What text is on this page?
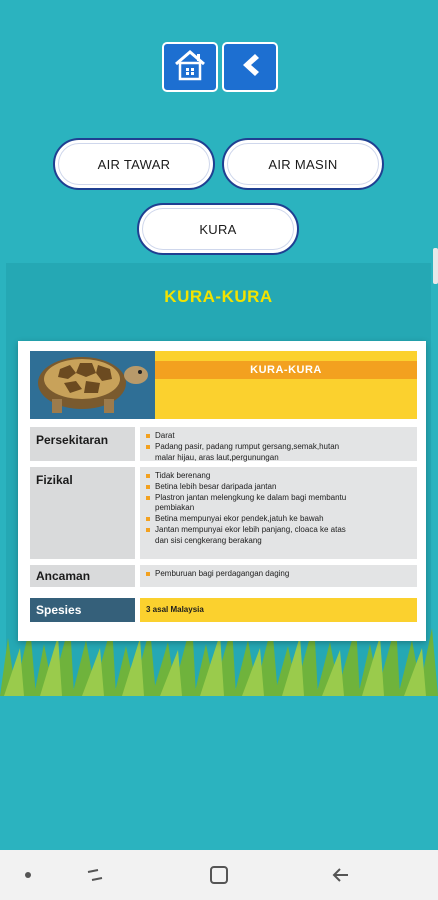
AIR TAWAR	AIR MASIN
KURA
KURA-KURA
KURA-KURA
Persekitaran	Darat
Padang pasir, padang rumput gersang,semak,hutan
malar hijau, aras laut,pergunungan
Fizikal	Tidak berenang
Betina lebih besar daripada jantan
Plastron jantan melengkung ke dalam bagi membantu
pembiakan
Betina mempunyai ekor pendek,jatuh ke bawah
Jantan mempunyai ekor lebih panjang, cloaca ke atas
dan sisi cengkerang berakang
Ancaman	Pemburuan bagi perdagangan daging
Spesies	3 asal Malaysia
